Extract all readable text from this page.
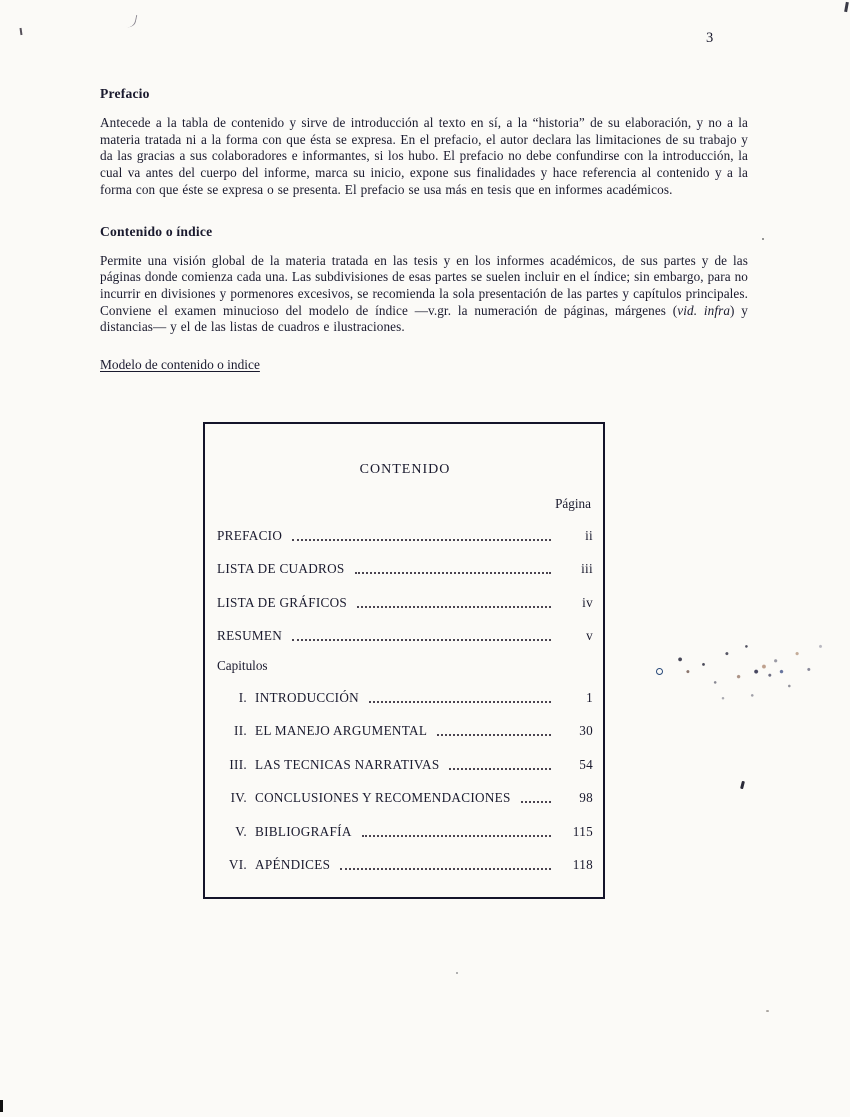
3
Prefacio

Antecede a la tabla de contenido y sirve de introducción al texto en sí, a la “historia” de su elaboración, y no a la materia tratada ni a la forma con que ésta se expresa. En el prefacio, el autor declara las limitaciones de su trabajo y da las gracias a sus colaboradores e informantes, si los hubo. El prefacio no debe confundirse con la introducción, la cual va antes del cuerpo del informe, marca su inicio, expone sus finalidades y hace referencia al contenido y a la forma con que éste se expresa o se presenta. El prefacio se usa más en tesis que en informes académicos.

Contenido o índice

Permite una visión global de la materia tratada en las tesis y en los informes académicos, de sus partes y de las páginas donde comienza cada una. Las subdivisiones de esas partes se suelen incluir en el índice; sin embargo, para no incurrir en divisiones y pormenores excesivos, se recomienda la sola presentación de las partes y capítulos principales. Conviene el examen minucioso del modelo de índice —v.gr. la numeración de páginas, márgenes (vid. infra) y distancias— y el de las listas de cuadros e ilustraciones.

Modelo de contenido o indice
CONTENIDO
Página
PREFACIO	ii
LISTA DE CUADROS	iii
LISTA DE GRÁFICOS	iv
RESUMEN	v
Capitulos
I. INTRODUCCIÓN	1
II. EL MANEJO ARGUMENTAL	30
III. LAS TECNICAS NARRATIVAS	54
IV. CONCLUSIONES Y RECOMENDACIONES	98
V. BIBLIOGRAFÍA	115
VI. APÉNDICES	118
